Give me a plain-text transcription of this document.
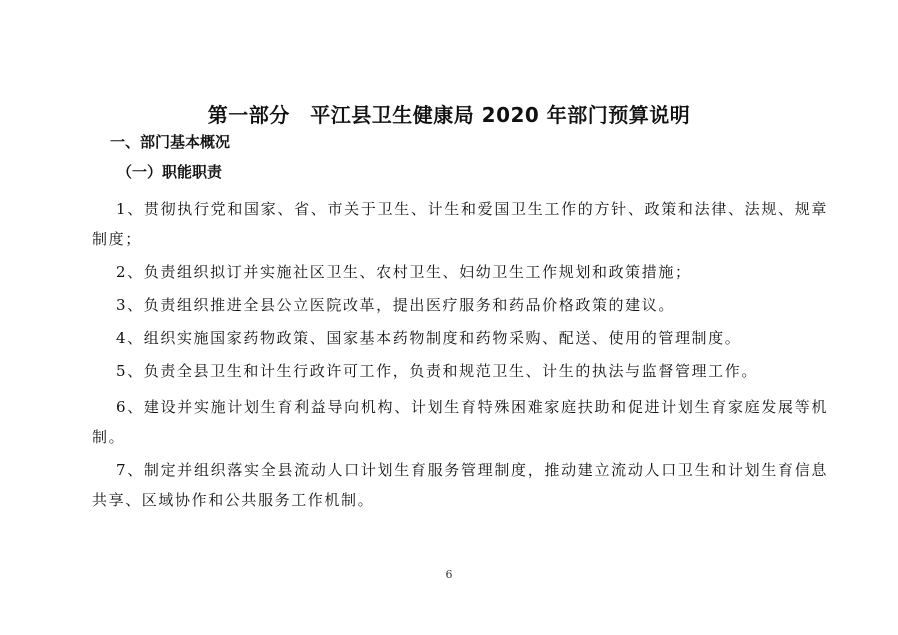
第一部分　平江县卫生健康局 2020 年部门预算说明
一、部门基本概况
（一）职能职责
1、贯彻执行党和国家、省、市关于卫生、计生和爱国卫生工作的方针、政策和法律、法规、规章制度；
2、负责组织拟订并实施社区卫生、农村卫生、妇幼卫生工作规划和政策措施；
3、负责组织推进全县公立医院改革，提出医疗服务和药品价格政策的建议。
4、组织实施国家药物政策、国家基本药物制度和药物采购、配送、使用的管理制度。
5、负责全县卫生和计生行政许可工作，负责和规范卫生、计生的执法与监督管理工作。
6、建设并实施计划生育利益导向机构、计划生育特殊困难家庭扶助和促进计划生育家庭发展等机制。
7、制定并组织落实全县流动人口计划生育服务管理制度，推动建立流动人口卫生和计划生育信息共享、区域协作和公共服务工作机制。
6
